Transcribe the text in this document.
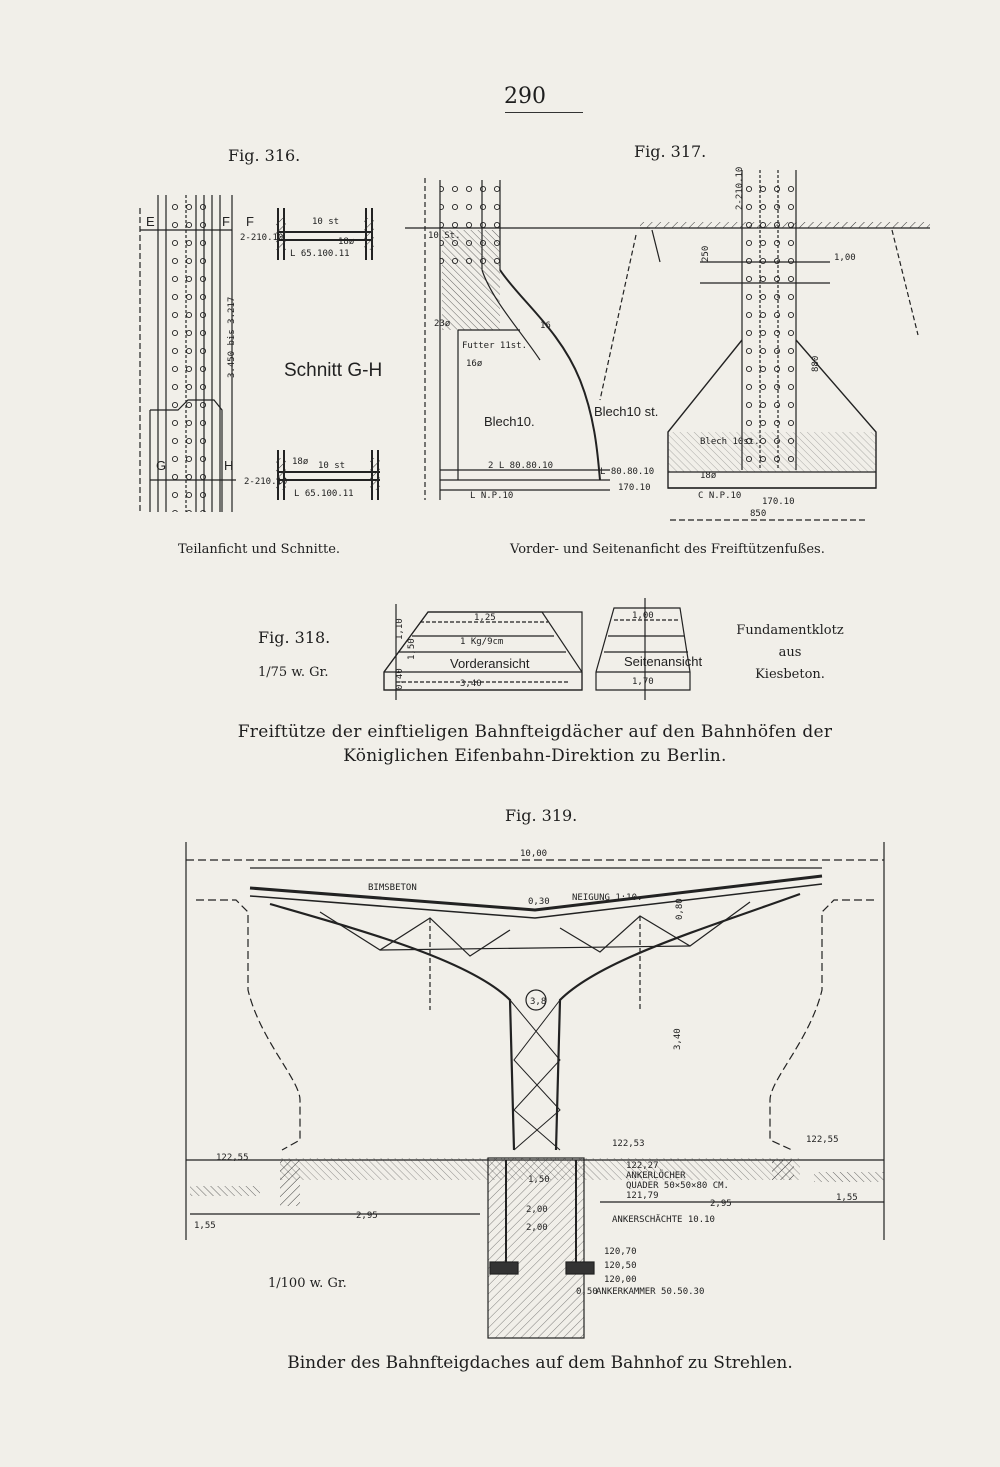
290
Fig. 316.	Fig. 317.
Teilanficht und Schnitte.	Vorder- und Seitenanficht des Freiftützenfußes.
Fig. 318.
1/75 w. Gr.
Fundamentklotz
aus
Kiesbeton.
Freiftütze der einftieligen Bahnfteigdächer auf den Bahnhöfen der
Königlichen Eifenbahn-Direktion zu Berlin.
Fig. 319.
1/100 w. Gr.
Binder des Bahnfteigdaches auf dem Bahnhof zu Strehlen.
E	F F
G	H
3.450 bis 3.217
10 st
L 65.100.11
18ø
2-210.10
Schnitt G-H
18ø 10 st
2-210.10
L 65.100.11
10 St.
23ø	16
Futter 11st.
16ø
Blech10.
Blech10 st.
2 L 80.80.10
L 80.80.10
170.10
L N.P.10
2-210.10
250	1,00
880
Blech 10st.
18ø
C N.P.10
170.10
850
1,25
1 Kg/9cm
Vorderansicht
3,40
1,10
1,50
0,40
1,00
Seitenansicht
1,70
10,00
BIMSBETON
0,30 NEIGUNG 1:10.
0,80
3,8
3,40
122,53
122,55
122,55
122,27
ANKERLÖCHER
QUADER 50×50×80 CM.
121,79
1,55
2,95
2,95
1,55
1,50
2,00
2,00
ANKERSCHÄCHTE 10.10
120,70
120,50
120,00
ANKERKAMMER 50.50.30
0,50
